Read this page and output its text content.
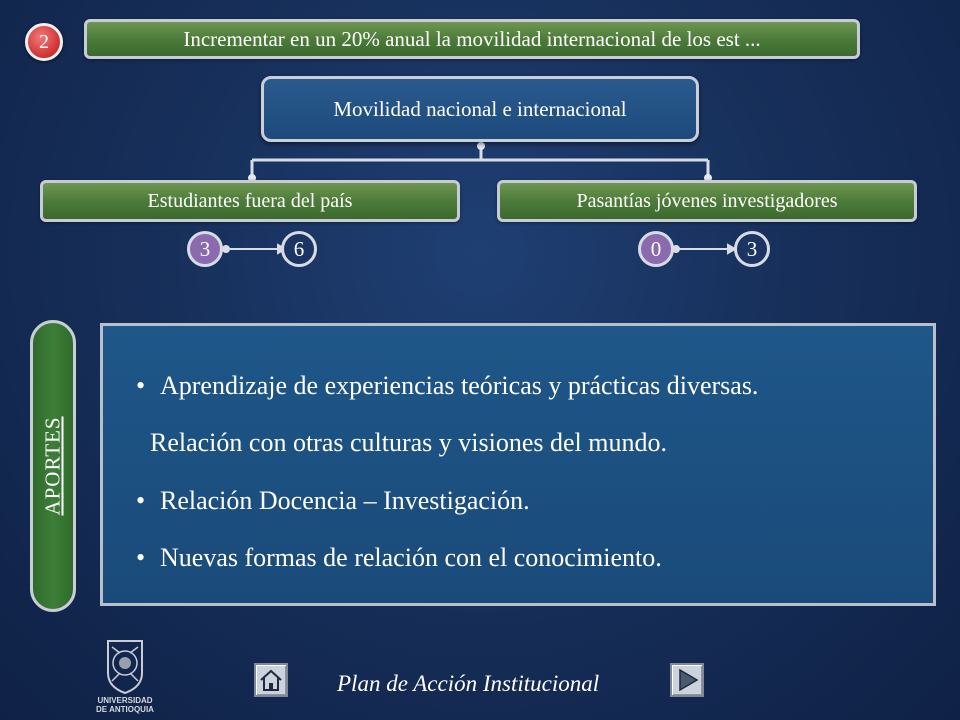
2	Incrementar en un 20% anual la movilidad internacional de los est ...
Movilidad nacional e internacional
Estudiantes fuera del país	Pasantías jóvenes investigadores
3	6	0	3
APORTES
• Aprendizaje de experiencias teóricas y prácticas diversas.
Relación con otras culturas y visiones del mundo.
• Relación Docencia – Investigación.
• Nuevas formas de relación con el conocimiento.
UNIVERSIDAD
DE ANTIOQUIA
Plan de Acción Institucional
